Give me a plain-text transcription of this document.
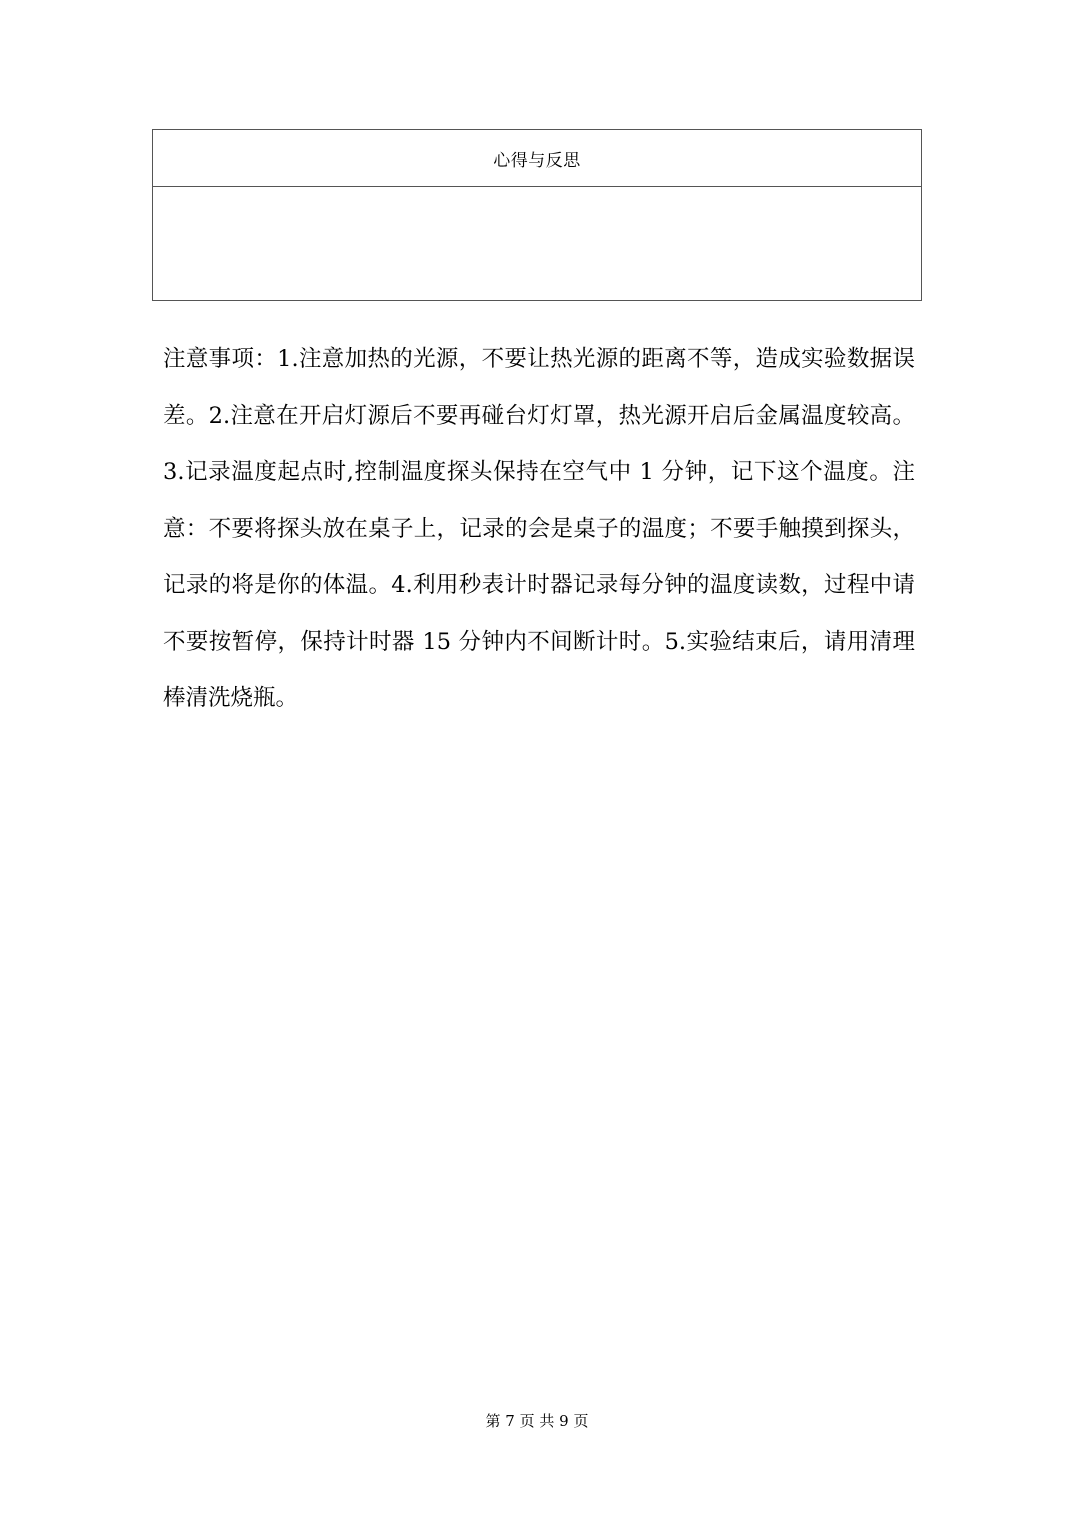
心得与反思

注意事项：1.注意加热的光源，不要让热光源的距离不等，造成实验数据误差。2.注意在开启灯源后不要再碰台灯灯罩，热光源开启后金属温度较高。3.记录温度起点时,控制温度探头保持在空气中 1 分钟，记下这个温度。注意：不要将探头放在桌子上，记录的会是桌子的温度；不要手触摸到探头，记录的将是你的体温。4.利用秒表计时器记录每分钟的温度读数，过程中请不要按暂停，保持计时器 15 分钟内不间断计时。5.实验结束后，请用清理棒清洗烧瓶。

第 7 页 共 9 页
